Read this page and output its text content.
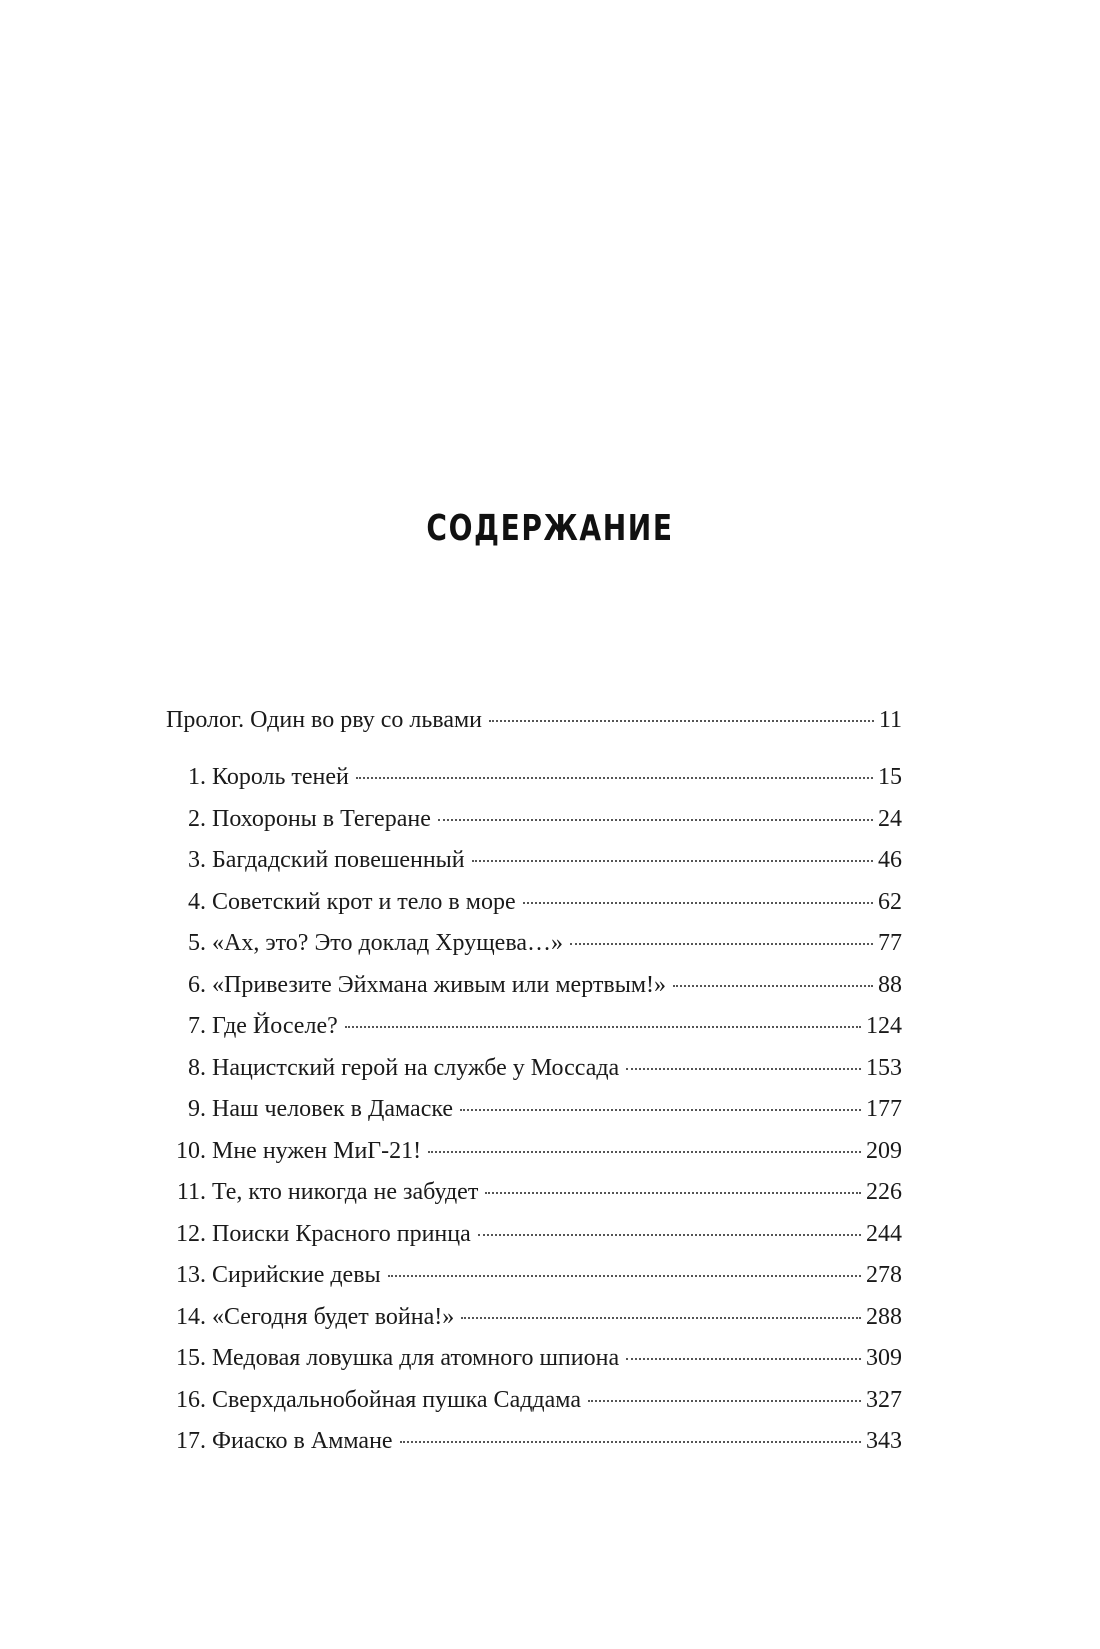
СОДЕРЖАНИЕ
Пролог. Один во рву со львами	11
1. Король теней	15
2. Похороны в Тегеране	24
3. Багдадский повешенный	46
4. Советский крот и тело в море	62
5. «Ах, это? Это доклад Хрущева…»	77
6. «Привезите Эйхмана живым или мертвым!»	88
7. Где Йоселе?	124
8. Нацистский герой на службе у Моссада	153
9. Наш человек в Дамаске	177
10. Мне нужен МиГ-21!	209
11. Те, кто никогда не забудет	226
12. Поиски Красного принца	244
13. Сирийские девы	278
14. «Сегодня будет война!»	288
15. Медовая ловушка для атомного шпиона	309
16. Сверхдальнобойная пушка Саддама	327
17. Фиаско в Аммане	343
